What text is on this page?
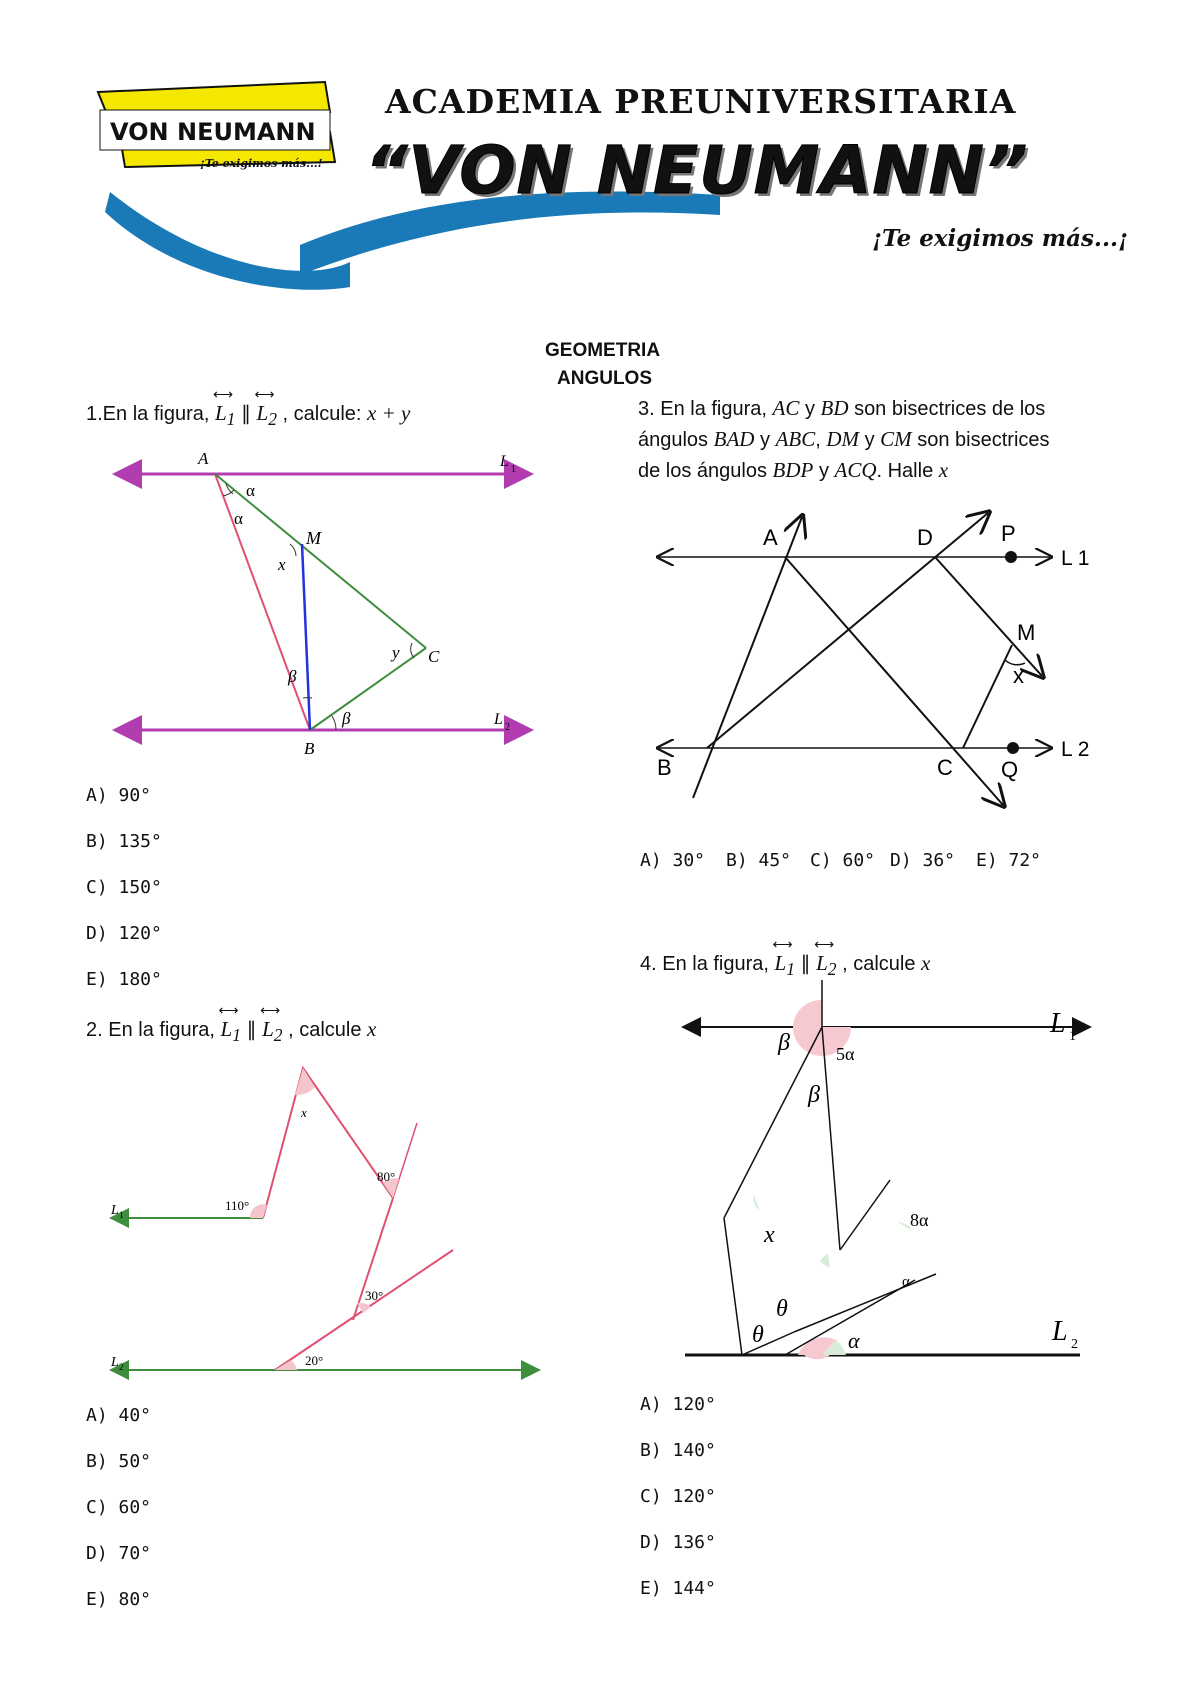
VON NEUMANN
¡Te exigimos más...!
ACADEMIA PREUNIVERSITARIA
“VON NEUMANN”
¡Te exigimos más...¡
GEOMETRIA
ANGULOS
1.En la figura, ⟷ $L_1$ ∥ ⟷ $L_2$ , calcule: x + y
A	L 1
α
α
M
x
β
y C
β	L 2
B
A) 90°
B) 135°
C) 150°
D) 120°
E) 180°
2. En la figura, ⟷ $L_1$ ∥ ⟷ $L_2$ , calcule x
L 1
110°
x
80°
30°
L 2	20°
A) 40°
B) 50°
C) 60°
D) 70°
E) 80°
3. En la figura, AC y BD son bisectrices de los
ángulos BAD y ABC, DM y CM son bisectrices
de los ángulos BDP y ACQ. Halle x
A	D	P
L 1
M
x
B	C Q
L 2
A) 30° B) 45° C) 60° D) 36° E) 72°
4. En la figura, ⟷ $L_1$ ∥ ⟷ $L_2$ , calcule x
L 1
β	5α
β
x
8α
α
θ
θ	α	L 2
A) 120°
B) 140°
C) 120°
D) 136°
E) 144°
